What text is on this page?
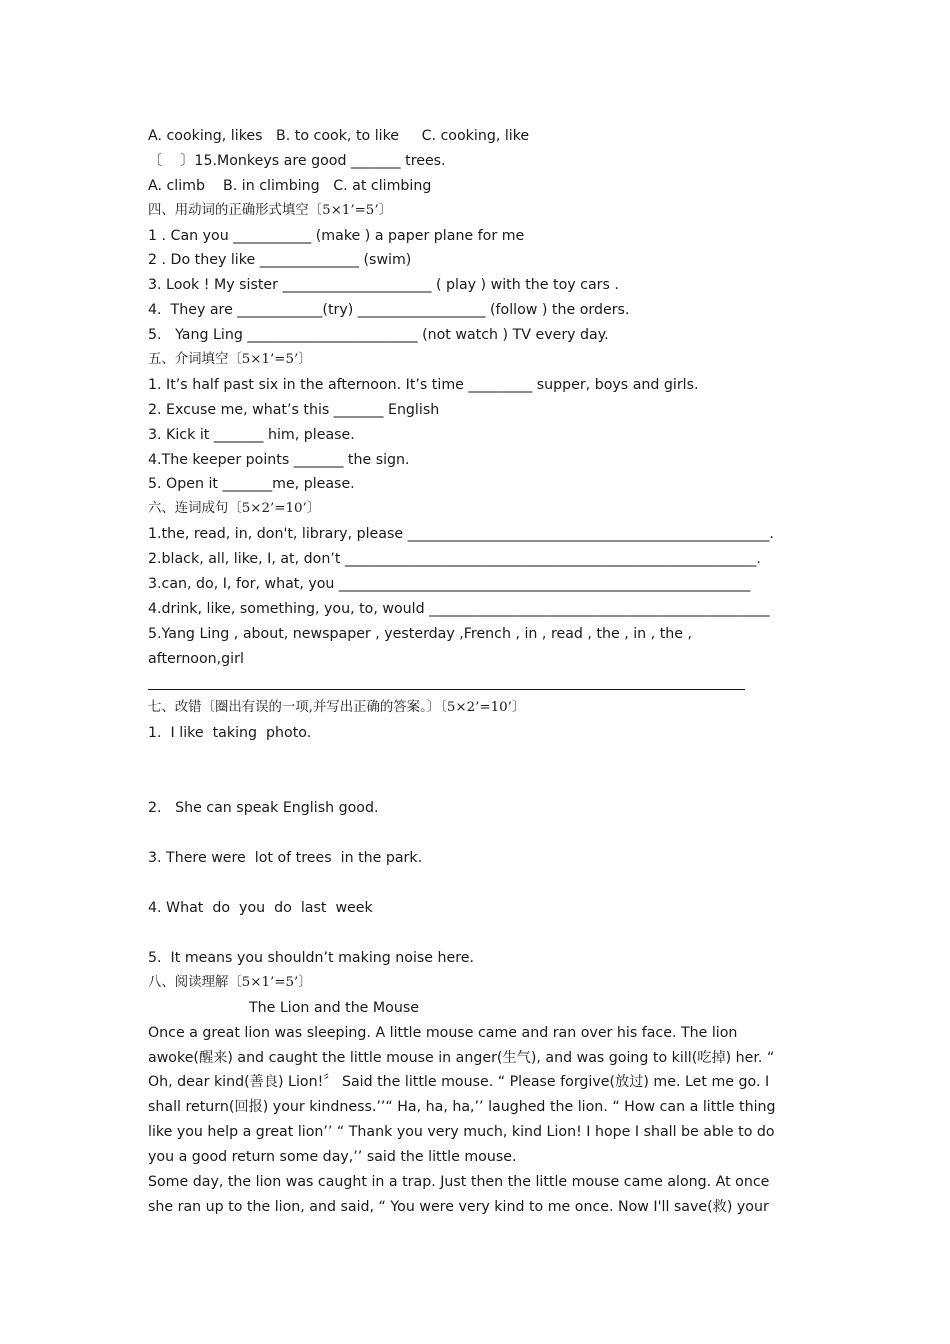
A. cooking, likes   B. to cook, to like     C. cooking, like
〔    〕15.Monkeys are good _______ trees.
A. climb    B. in climbing   C. at climbing
四、用动词的正确形式填空〔5×1’=5’〕
1 . Can you ___________ (make ) a paper plane for me
2 . Do they like ______________ (swim)
3. Look ! My sister _____________________ ( play ) with the toy cars .
4.  They are ____________(try) __________________ (follow ) the orders.
5.   Yang Ling ________________________ (not watch ) TV every day.
五、介词填空〔5×1’=5’〕
1. It’s half past six in the afternoon. It’s time _________ supper, boys and girls.
2. Excuse me, what’s this _______ English
3. Kick it _______ him, please.
4.The keeper points _______ the sign.
5. Open it _______me, please.
六、连词成句〔5×2’=10’〕
1.the, read, in, don't, library, please ___________________________________________________.
2.black, all, like, I, at, don’t __________________________________________________________.
3.can, do, I, for, what, you __________________________________________________________
4.drink, like, something, you, to, would ________________________________________________
5.Yang Ling , about, newspaper , yesterday ,French , in , read , the , in , the ,
afternoon,girl
七、改错〔圈出有误的一项,并写出正确的答案。〕〔5×2’=10’〕
1.  I like  taking  photo.
2.   She can speak English good.
3. There were  lot of trees  in the park.
4. What  do  you  do  last  week
5.  It means you shouldn’t making noise here.
八、阅读理解〔5×1’=5’〕
The Lion and the Mouse
Once a great lion was sleeping. A little mouse came and ran over his face. The lion
awoke(醒来) and caught the little mouse in anger(生气), and was going to kill(吃掉) her. “
Oh, dear kind(善良) Lion!〞 Said the little mouse. “ Please forgive(放过) me. Let me go. I
shall return(回报) your kindness.’’“ Ha, ha, ha,’’ laughed the lion. “ How can a little thing
like you help a great lion’’ “ Thank you very much, kind Lion! I hope I shall be able to do
you a good return some day,’’ said the little mouse.
Some day, the lion was caught in a trap. Just then the little mouse came along. At once
she ran up to the lion, and said, “ You were very kind to me once. Now I'll save(救) your
